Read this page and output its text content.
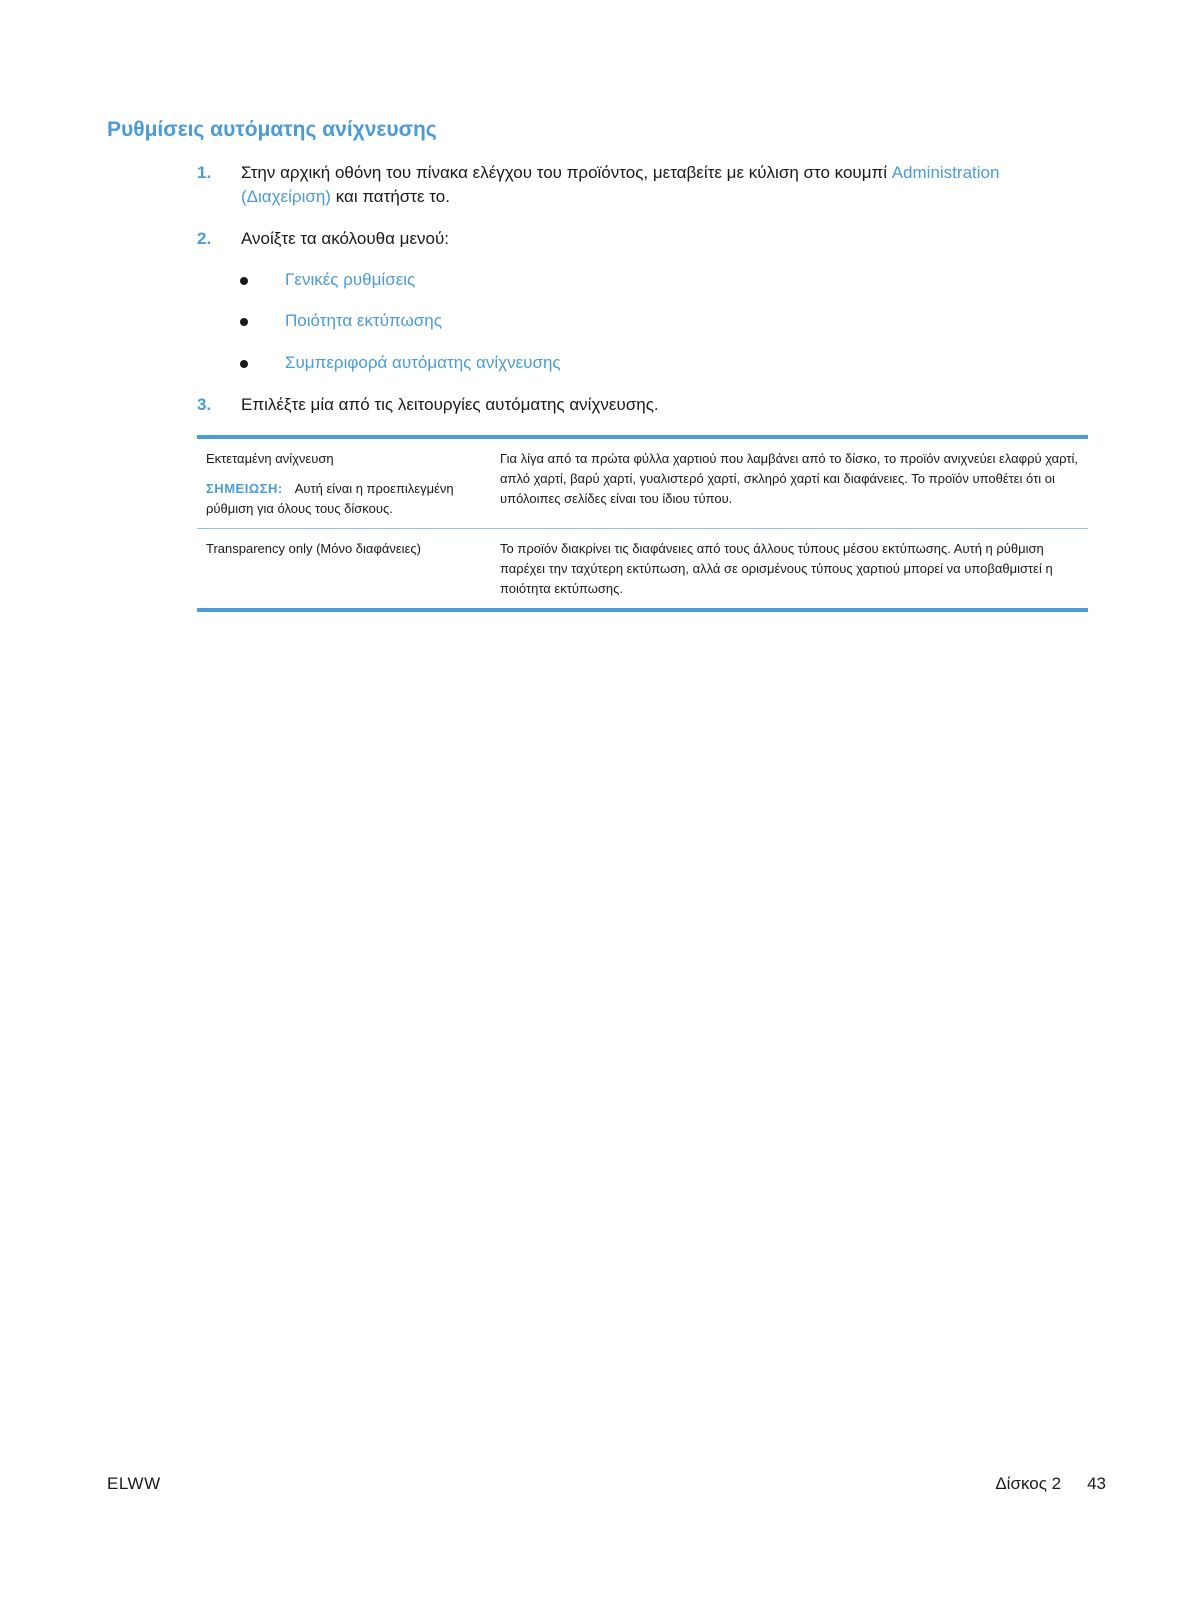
Ρυθμίσεις αυτόματης ανίχνευσης
1. Στην αρχική οθόνη του πίνακα ελέγχου του προϊόντος, μεταβείτε με κύλιση στο κουμπί Administration (Διαχείριση) και πατήστε το.
2. Ανοίξτε τα ακόλουθα μενού:
Γενικές ρυθμίσεις
Ποιότητα εκτύπωσης
Συμπεριφορά αυτόματης ανίχνευσης
3. Επιλέξτε μία από τις λειτουργίες αυτόματης ανίχνευσης.
Εκτεταμένη ανίχνευση
ΣΗΜΕΙΩΣΗ: Αυτή είναι η προεπιλεγμένη ρύθμιση για όλους τους δίσκους.
Για λίγα από τα πρώτα φύλλα χαρτιού που λαμβάνει από το δίσκο, το προϊόν ανιχνεύει ελαφρύ χαρτί, απλό χαρτί, βαρύ χαρτί, γυαλιστερό χαρτί, σκληρό χαρτί και διαφάνειες. Το προϊόν υποθέτει ότι οι υπόλοιπες σελίδες είναι του ίδιου τύπου.
Transparency only (Μόνο διαφάνειες)	Το προϊόν διακρίνει τις διαφάνειες από τους άλλους τύπους μέσου εκτύπωσης. Αυτή η ρύθμιση παρέχει την ταχύτερη εκτύπωση, αλλά σε ορισμένους τύπους χαρτιού μπορεί να υποβαθμιστεί η ποιότητα εκτύπωσης.
ELWW	Δίσκος 2 43
